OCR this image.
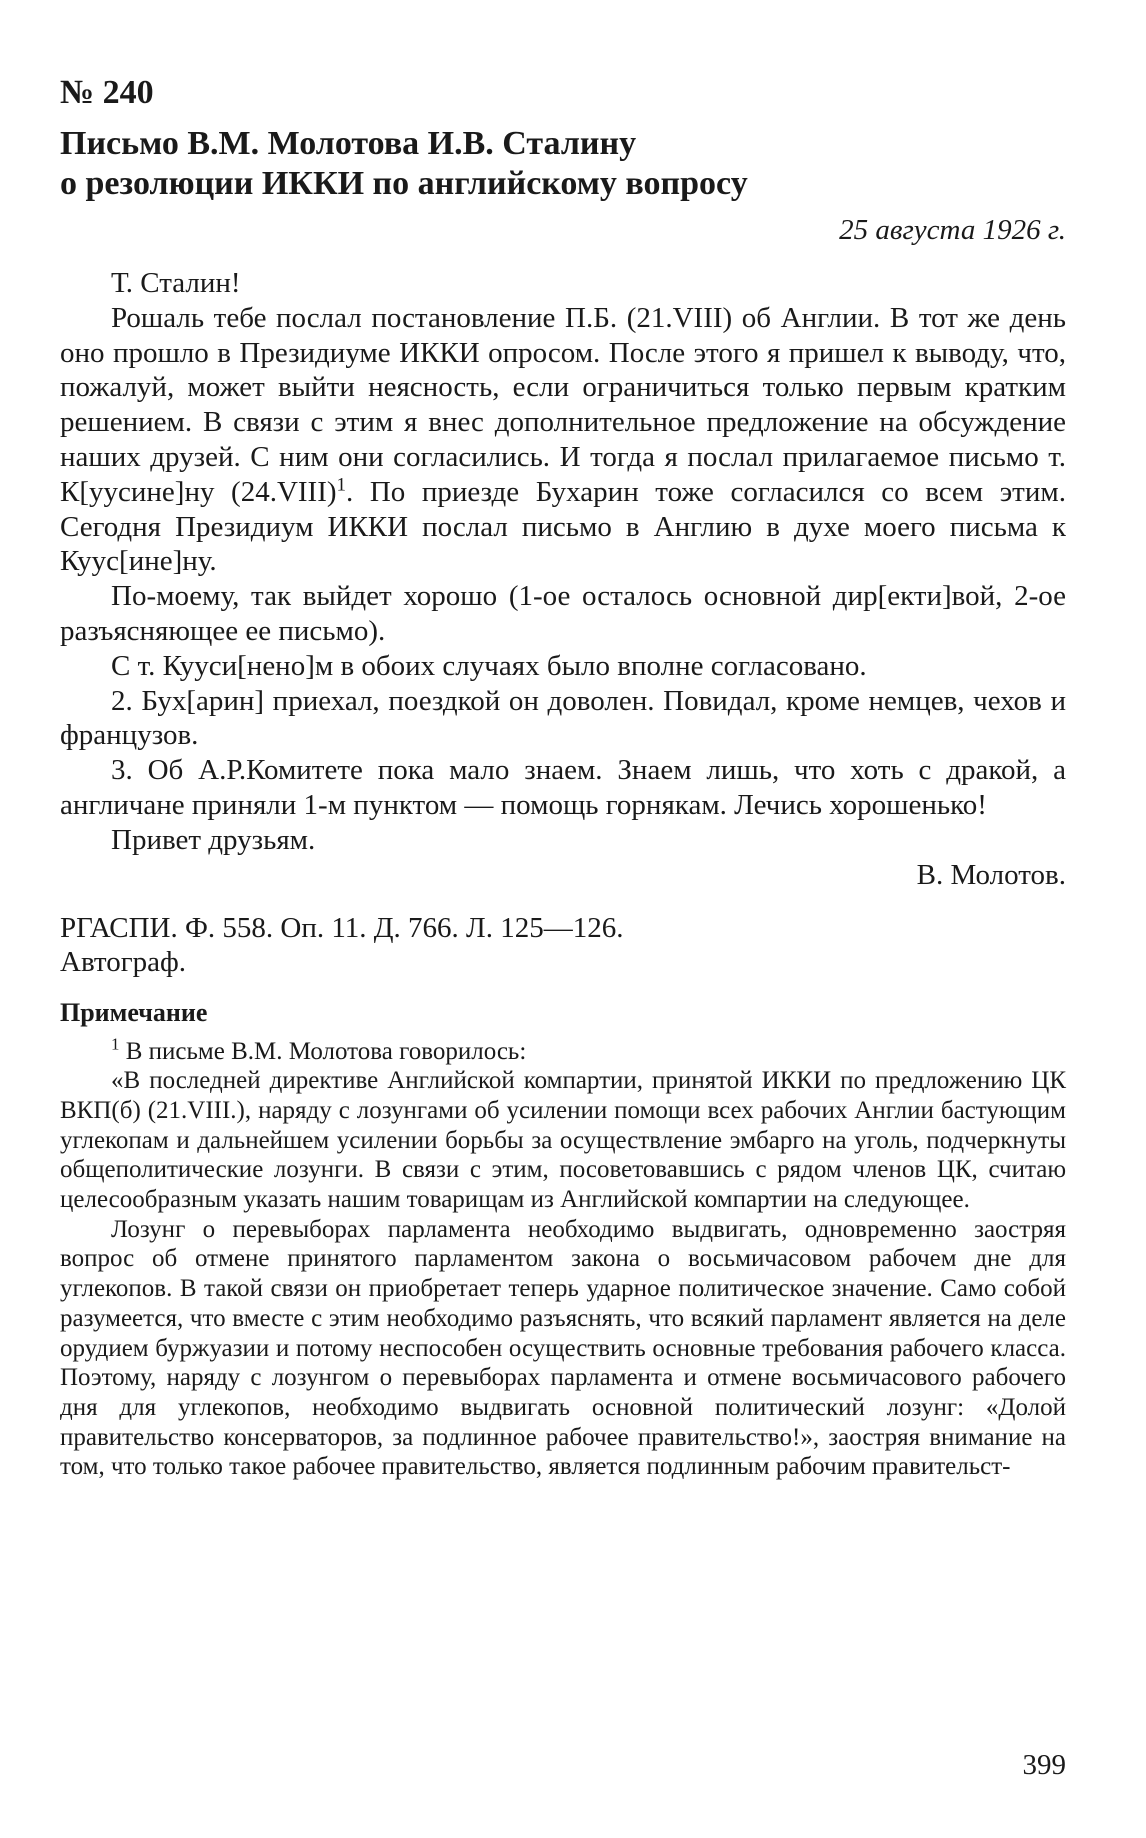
№ 240
Письмо В.М. Молотова И.В. Сталину
о резолюции ИККИ по английскому вопросу
25 августа 1926 г.

Т. Сталин!

Рошаль тебе послал постановление П.Б. (21.VIII) об Англии. В тот же день оно прошло в Президиуме ИККИ опросом. После этого я пришел к выводу, что, пожалуй, может выйти неясность, если ограничиться только первым кратким решением. В связи с этим я внес дополнительное предложение на обсуждение наших друзей. С ним они согласились. И тогда я послал прилагаемое письмо т. К[уусине]ну (24.VIII)$^1$. По приезде Бухарин тоже согласился со всем этим. Сегодня Президиум ИККИ послал письмо в Англию в духе моего письма к Куус[ине]ну.

По-моему, так выйдет хорошо (1-ое осталось основной дир[екти]вой, 2-ое разъясняющее ее письмо).

С т. Кууси[нено]м в обоих случаях было вполне согласовано.

2. Бух[арин] приехал, поездкой он доволен. Повидал, кроме немцев, чехов и французов.

3. Об А.Р.Комитете пока мало знаем. Знаем лишь, что хоть с дракой, а англичане приняли 1-м пунктом — помощь горнякам. Лечись хорошенько!

Привет друзьям.

В. Молотов.

РГАСПИ. Ф. 558. Оп. 11. Д. 766. Л. 125—126.

Автограф.

Примечание

$^1$ В письме В.М. Молотова говорилось:

«В последней директиве Английской компартии, принятой ИККИ по предложению ЦК ВКП(б) (21.VIII.), наряду с лозунгами об усилении помощи всех рабочих Англии бастующим углекопам и дальнейшем усилении борьбы за осуществление эмбарго на уголь, подчеркнуты общеполитические лозунги. В связи с этим, посоветовавшись с рядом членов ЦК, считаю целесообразным указать нашим товарищам из Английской компартии на следующее.

Лозунг о перевыборах парламента необходимо выдвигать, одновременно заостряя вопрос об отмене принятого парламентом закона о восьмичасовом рабочем дне для углекопов. В такой связи он приобретает теперь ударное политическое значение. Само собой разумеется, что вместе с этим необходимо разъяснять, что всякий парламент является на деле орудием буржуазии и потому неспособен осуществить основные требования рабочего класса. Поэтому, наряду с лозунгом о перевыборах парламента и отмене восьмичасового рабочего дня для углекопов, необходимо выдвигать основной политический лозунг: «Долой правительство консерваторов, за подлинное рабочее правительство!», заостряя внимание на том, что только такое рабочее правительство, является подлинным рабочим правительст-

399
